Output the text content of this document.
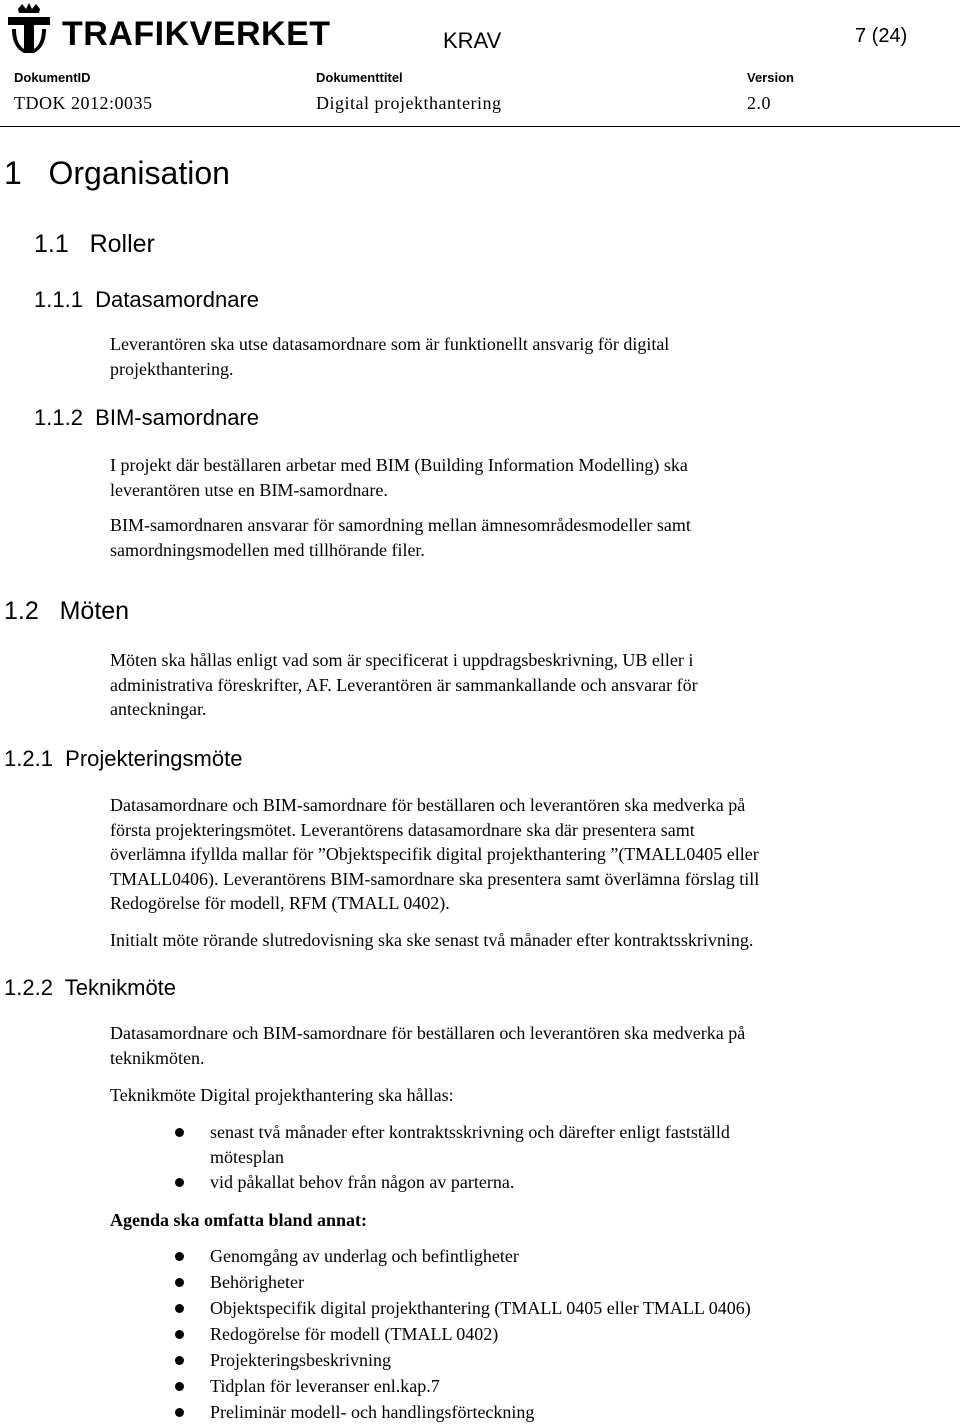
TRAFIKVERKET	KRAV	7 (24)
DokumentID	Dokumenttitel	Version
TDOK 2012:0035	Digital projekthantering	2.0
1   Organisation
1.1   Roller
1.1.1  Datasamordnare
Leverantören ska utse datasamordnare som är funktionellt ansvarig för digital
projekthantering.
1.1.2  BIM-samordnare
I projekt där beställaren arbetar med BIM (Building Information Modelling) ska
leverantören utse en BIM-samordnare.
BIM-samordnaren ansvarar för samordning mellan ämnesområdesmodeller samt
samordningsmodellen med tillhörande filer.
1.2   Möten
Möten ska hållas enligt vad som är specificerat i uppdragsbeskrivning, UB eller i
administrativa föreskrifter, AF. Leverantören är sammankallande och ansvarar för
anteckningar.
1.2.1  Projekteringsmöte
Datasamordnare och BIM-samordnare för beställaren och leverantören ska medverka på
första projekteringsmötet. Leverantörens datasamordnare ska där presentera samt
överlämna ifyllda mallar för ”Objektspecifik digital projekthantering ”(TMALL0405 eller
TMALL0406). Leverantörens BIM-samordnare ska presentera samt överlämna förslag till
Redogörelse för modell, RFM (TMALL 0402).
Initialt möte rörande slutredovisning ska ske senast två månader efter kontraktsskrivning.
1.2.2  Teknikmöte
Datasamordnare och BIM-samordnare för beställaren och leverantören ska medverka på
teknikmöten.
Teknikmöte Digital projekthantering ska hållas:
senast två månader efter kontraktsskrivning och därefter enligt fastställd
mötesplan
vid påkallat behov från någon av parterna.
Agenda ska omfatta bland annat:
Genomgång av underlag och befintligheter
Behörigheter
Objektspecifik digital projekthantering (TMALL 0405 eller TMALL 0406)
Redogörelse för modell (TMALL 0402)
Projekteringsbeskrivning
Tidplan för leveranser enl.kap.7
Preliminär modell- och handlingsförteckning
